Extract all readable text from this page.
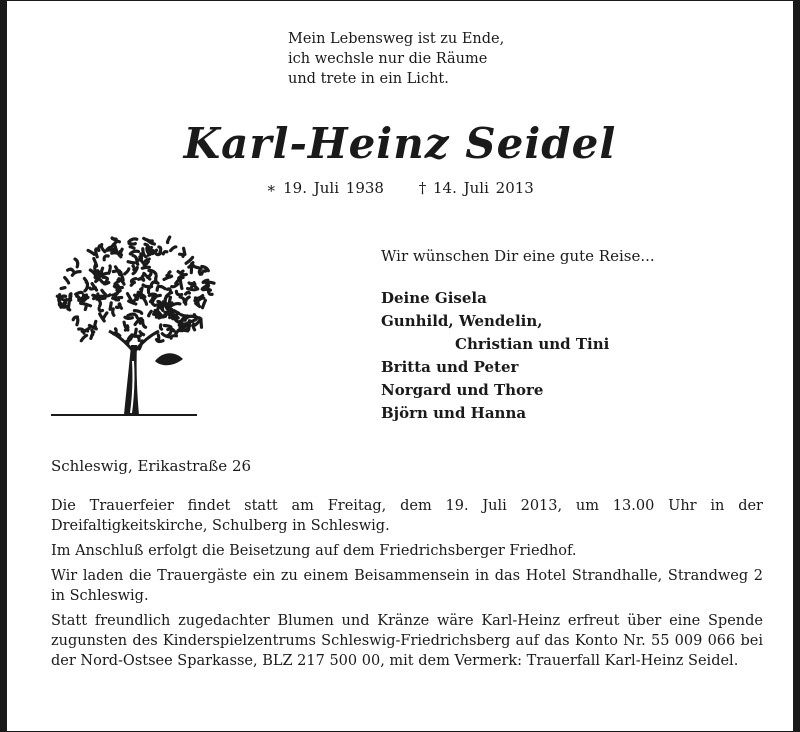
Mein Lebensweg ist zu Ende,
ich wechsle nur die Räume
und trete in ein Licht.
Karl-Heinz Seidel
∗ 19. Juli 1938 † 14. Juli 2013
Wir wünschen Dir eine gute Reise...
Deine Gisela
Gunhild, Wendelin,
Christian und Tini
Britta und Peter
Norgard und Thore
Björn und Hanna
Schleswig, Erikastraße 26

Die Trauerfeier findet statt am Freitag, dem 19. Juli 2013, um 13.00 Uhr in der Dreifaltigkeitskirche, Schulberg in Schleswig.

Im Anschluß erfolgt die Beisetzung auf dem Friedrichsberger Friedhof.

Wir laden die Trauergäste ein zu einem Beisammensein in das Hotel Strandhalle, Strandweg 2 in Schleswig.

Statt freundlich zugedachter Blumen und Kränze wäre Karl-Heinz erfreut über eine Spende zugunsten des Kinderspielzentrums Schleswig-Friedrichsberg auf das Konto Nr. 55 009 066 bei der Nord-Ostsee Sparkasse, BLZ 217 500 00, mit dem Vermerk: Trauerfall Karl-Heinz Seidel.
